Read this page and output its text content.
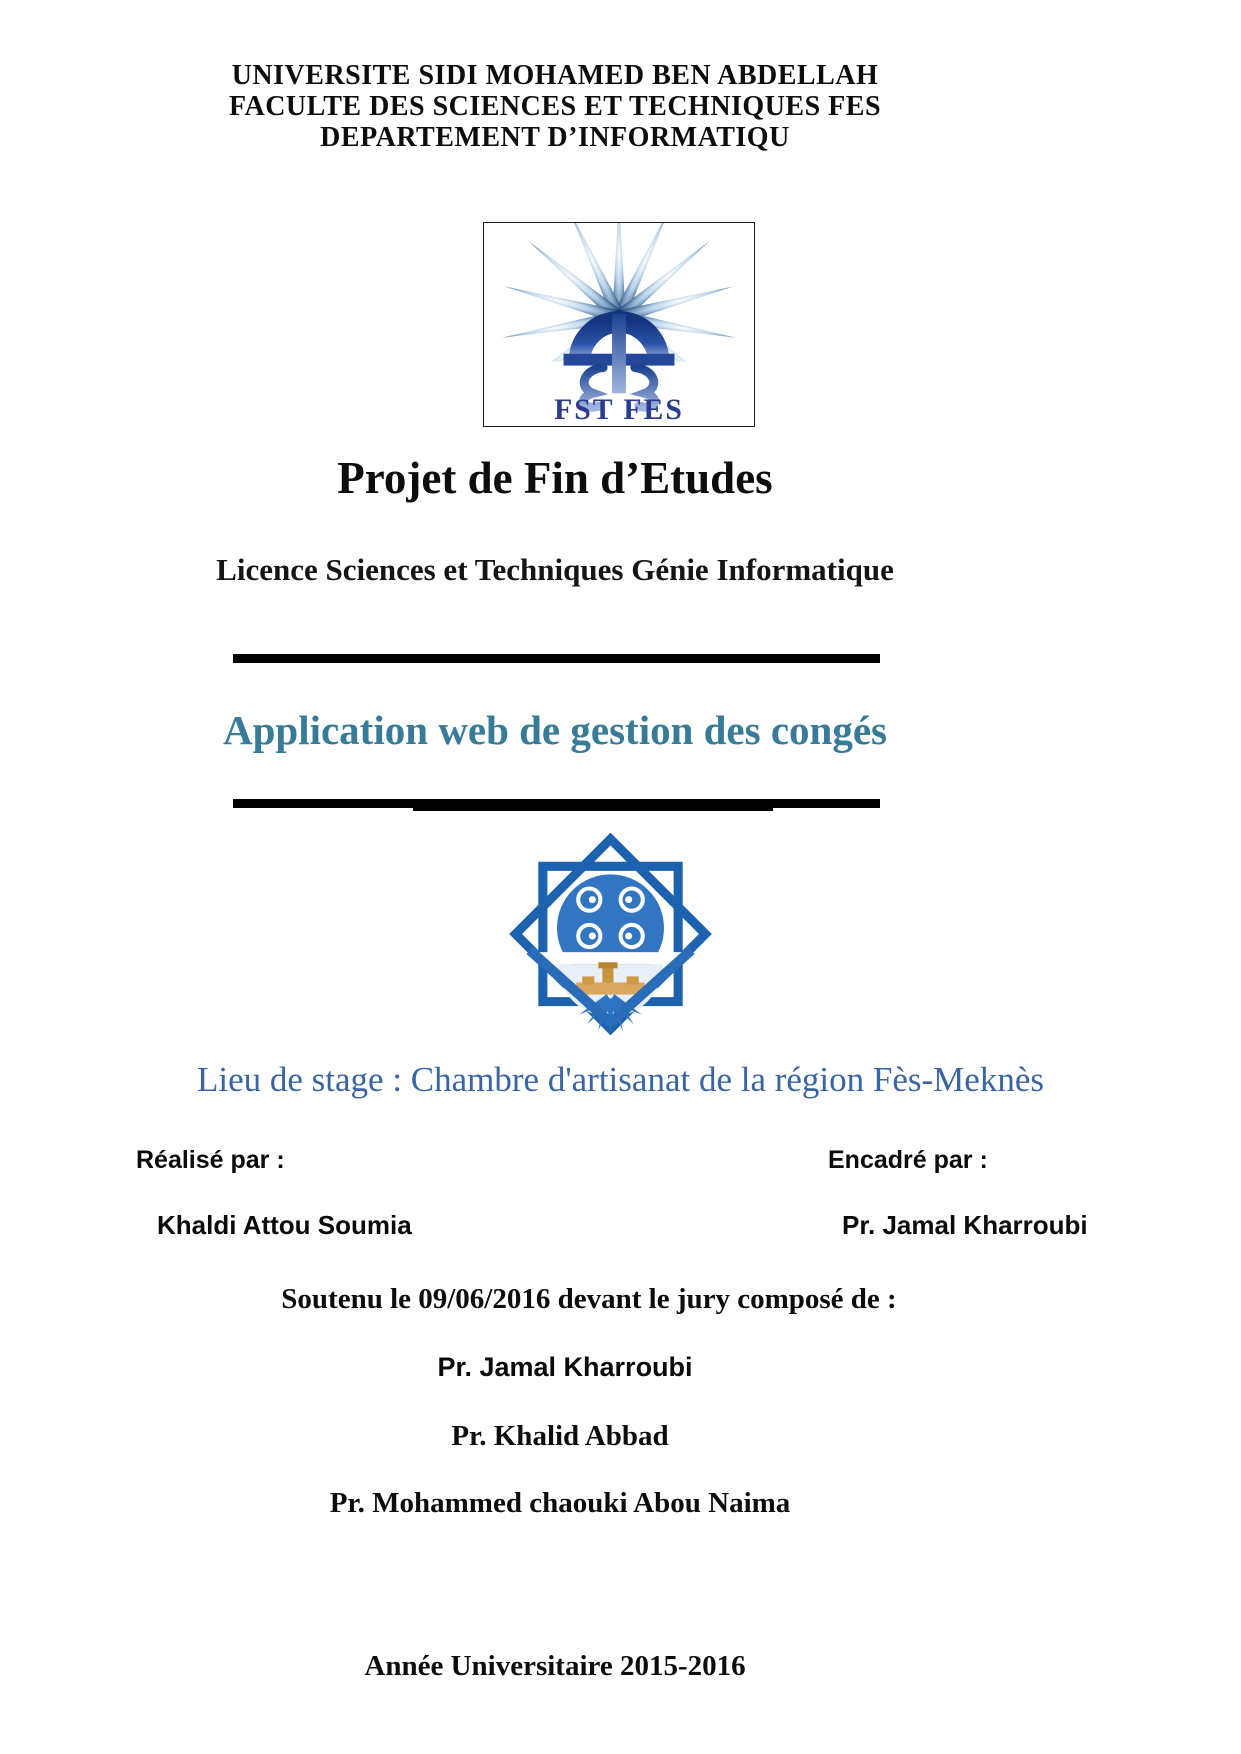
UNIVERSITE SIDI MOHAMED BEN ABDELLAH
FACULTE DES SCIENCES ET TECHNIQUES FES
DEPARTEMENT D’INFORMATIQU
FST FES
Projet de Fin d’Etudes
Licence Sciences et Techniques Génie Informatique
Application web de gestion des congés
Lieu de stage : Chambre d'artisanat de la région Fès-Meknès
Réalisé par :	Encadré par :
Khaldi Attou Soumia	Pr. Jamal Kharroubi
Soutenu le 09/06/2016 devant le jury composé de :
Pr. Jamal Kharroubi
Pr. Khalid Abbad
Pr. Mohammed chaouki Abou Naima
Année Universitaire 2015-2016
